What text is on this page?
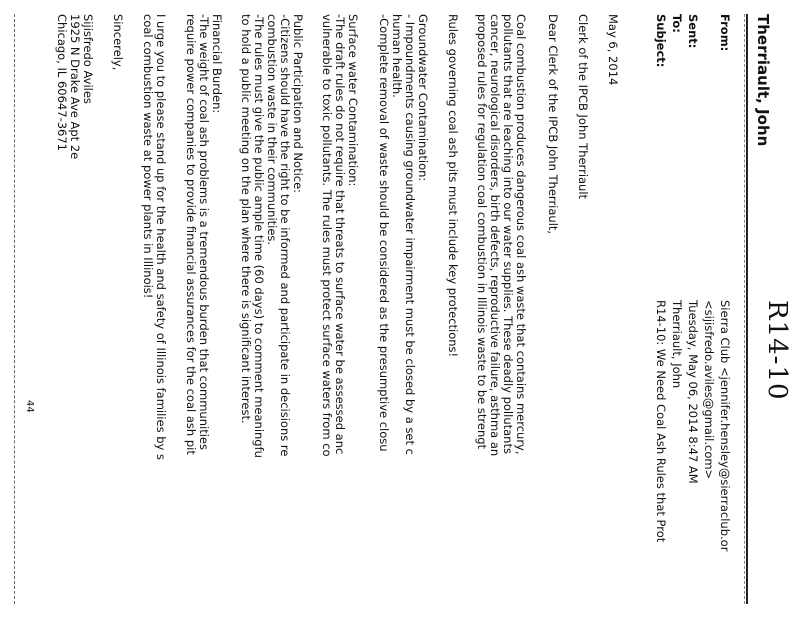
R14-10
Therriault, John
From:
Sierra Club <jennifer.hensley@sierraclub.or
<sijisfredo.aviles@gmail.com>
Sent:
Tuesday, May 06, 2014 8:47 AM
To:
Therriault, John
Subject:
R14-10: We Need Coal Ash Rules that Prot
May 6, 2014
Clerk of the IPCB John Therriault
Dear Clerk of the IPCB John Therriault,
Coal combustion produces dangerous coal ash waste that contains mercury,
pollutants that are leaching into our water supplies. These deadly pollutants
cancer, neurological disorders, birth defects, reproductive failure, asthma an
proposed rules for regulation coal combustion in Illinois waste to be strengt
Rules governing coal ash pits must include key protections!
Groundwater Contamination:
- Impoundments causing groundwater impairment must be closed by a set c
human health.
-Complete removal of waste should be considered as the presumptive closu
Surface water Contamination:
-The draft rules do not require that threats to surface water be assessed anc
vulnerable to toxic pollutants. The rules must protect surface waters from co
Public Participation and Notice:
-Citizens should have the right to be informed and participate in decisions re
combustion waste in their communities.
-The rules must give the public ample time (60 days) to comment meaningfu
to hold a public meeting on the plan where there is significant interest.
Financial Burden:
-The weight of coal ash problems is a tremendous burden that communities
require power companies to provide financial assurances for the coal ash pit
I urge you to please stand up for the health and safety of Illinois families by s
coal combustion waste at power plants in Illinois!
Sincerely,
Sijisfredo Aviles
1925 N Drake Ave Apt 2e
Chicago, IL 60647-3671
44
